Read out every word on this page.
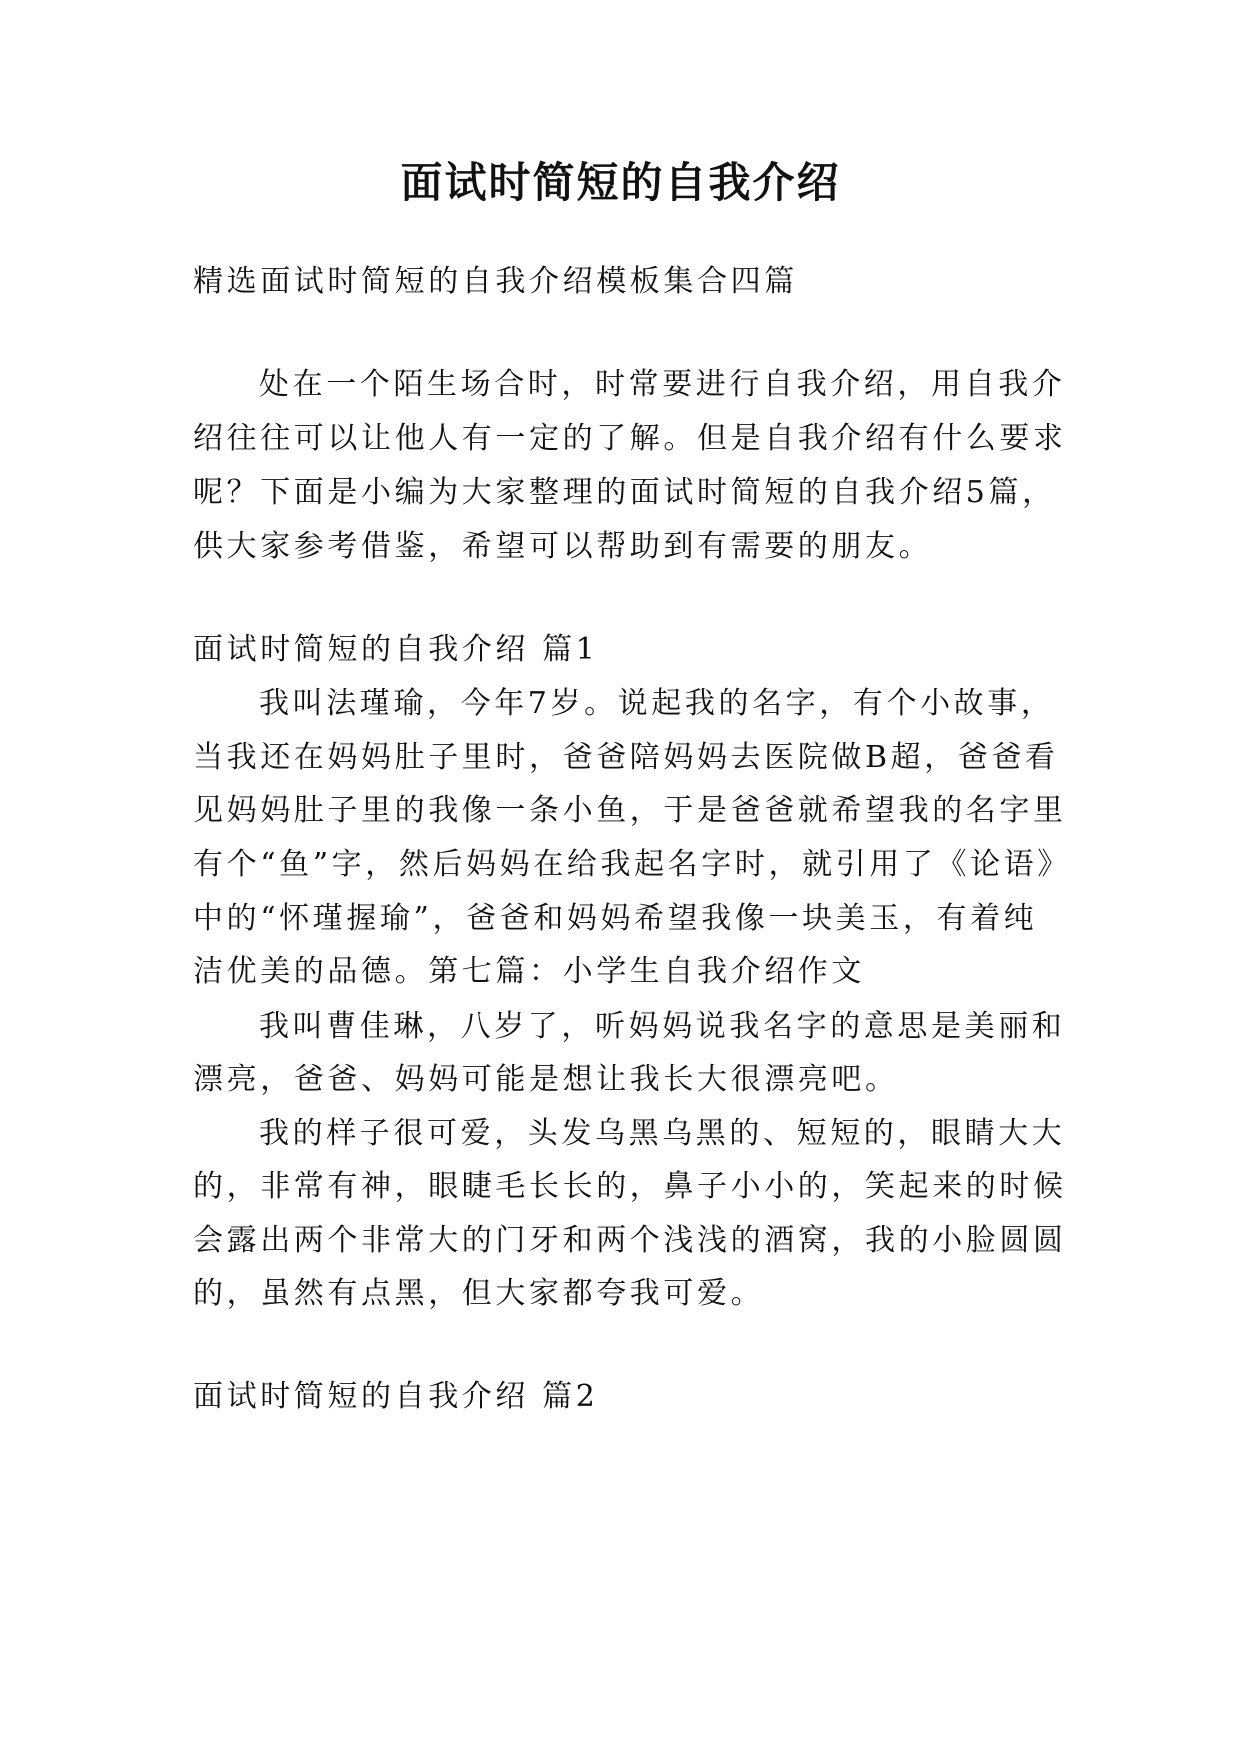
面试时简短的自我介绍
精选面试时简短的自我介绍模板集合四篇
处在一个陌生场合时，时常要进行自我介绍，用自我介
绍往往可以让他人有一定的了解。但是自我介绍有什么要求
呢？下面是小编为大家整理的面试时简短的自我介绍5篇，
供大家参考借鉴，希望可以帮助到有需要的朋友。
面试时简短的自我介绍 篇1
我叫法瑾瑜，今年7岁。说起我的名字，有个小故事，
当我还在妈妈肚子里时，爸爸陪妈妈去医院做B超，爸爸看
见妈妈肚子里的我像一条小鱼，于是爸爸就希望我的名字里
有个“鱼”字，然后妈妈在给我起名字时，就引用了《论语》
中的“怀瑾握瑜”，爸爸和妈妈希望我像一块美玉，有着纯
洁优美的品德。第七篇：小学生自我介绍作文
我叫曹佳琳，八岁了，听妈妈说我名字的意思是美丽和
漂亮，爸爸、妈妈可能是想让我长大很漂亮吧。
我的样子很可爱，头发乌黑乌黑的、短短的，眼睛大大
的，非常有神，眼睫毛长长的，鼻子小小的，笑起来的时候
会露出两个非常大的门牙和两个浅浅的酒窝，我的小脸圆圆
的，虽然有点黑，但大家都夸我可爱。
面试时简短的自我介绍 篇2
